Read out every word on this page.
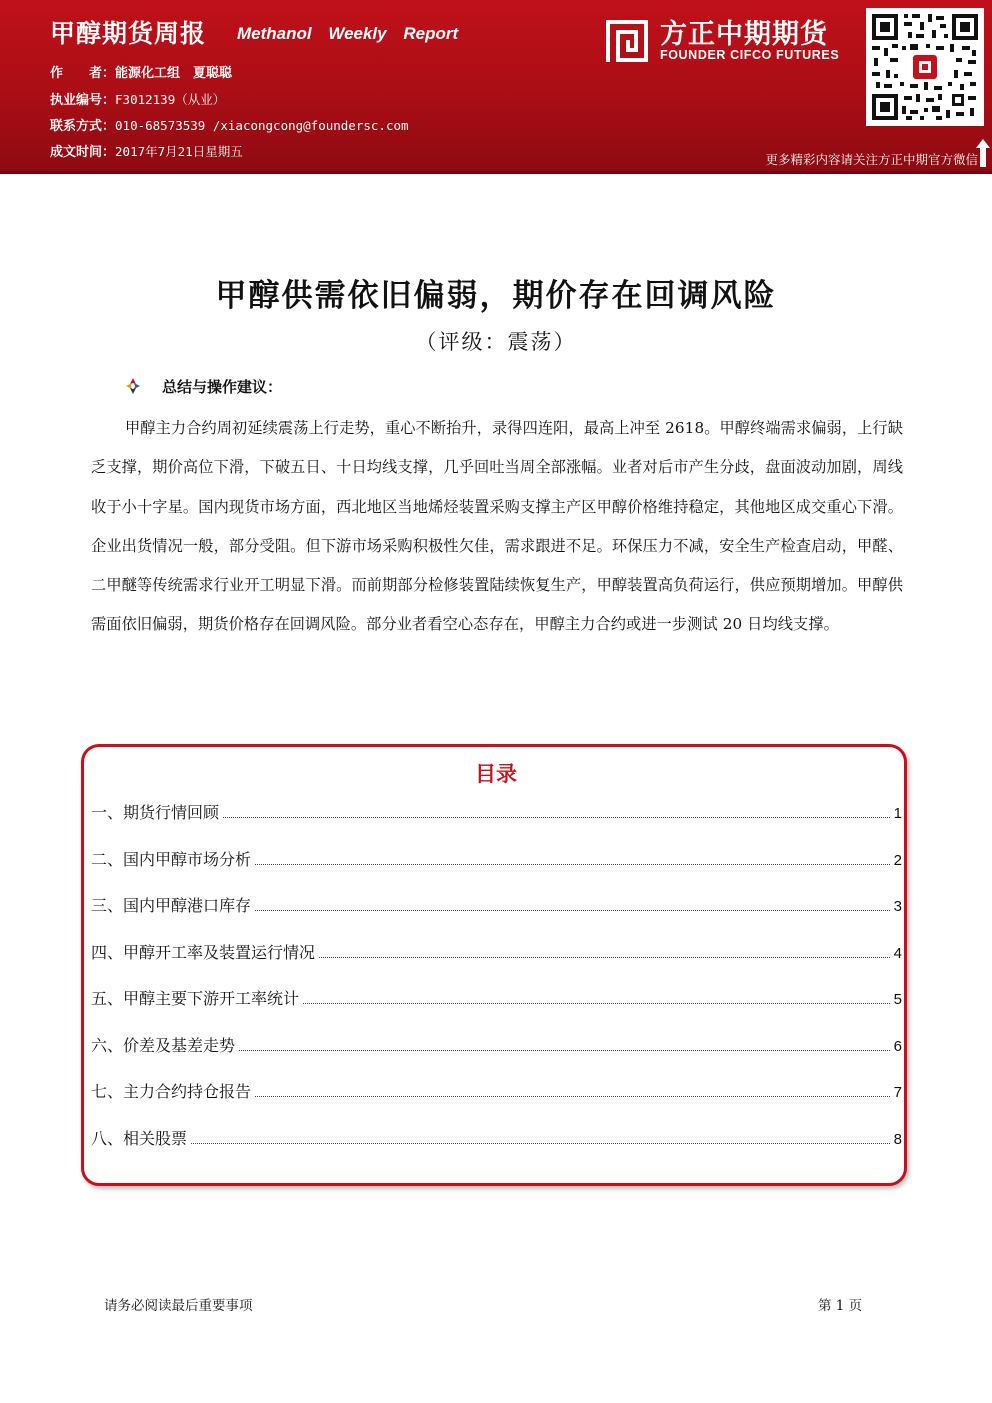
甲醇期货周报 Methanol Weekly Report
作　　者：能源化工组　夏聪聪
执业编号：F3012139（从业）
联系方式：010-68573539 /xiacongcong@foundersc.com
成文时间：2017年7月21日星期五
方正中期期货
FOUNDER CIFCO FUTURES
更多精彩内容请关注方正中期官方微信
甲醇供需依旧偏弱，期价存在回调风险
（评级：震荡）
总结与操作建议：

甲醇主力合约周初延续震荡上行走势，重心不断抬升，录得四连阳，最高上冲至 2618。甲醇终端需求偏弱，上行缺乏支撑，期价高位下滑，下破五日、十日均线支撑，几乎回吐当周全部涨幅。业者对后市产生分歧，盘面波动加剧，周线收于小十字星。国内现货市场方面，西北地区当地烯烃装置采购支撑主产区甲醇价格维持稳定，其他地区成交重心下滑。企业出货情况一般，部分受阻。但下游市场采购积极性欠佳，需求跟进不足。环保压力不减，安全生产检查启动，甲醛、二甲醚等传统需求行业开工明显下滑。而前期部分检修装置陆续恢复生产，甲醇装置高负荷运行，供应预期增加。甲醇供需面依旧偏弱，期货价格存在回调风险。部分业者看空心态存在，甲醇主力合约或进一步测试 20 日均线支撑。

目录
一、期货行情回顾	1
二、国内甲醇市场分析	2
三、国内甲醇港口库存	3
四、甲醇开工率及装置运行情况	4
五、甲醇主要下游开工率统计	5
六、价差及基差走势	6
七、主力合约持仓报告	7
八、相关股票	8
请务必阅读最后重要事项	第 1 页
